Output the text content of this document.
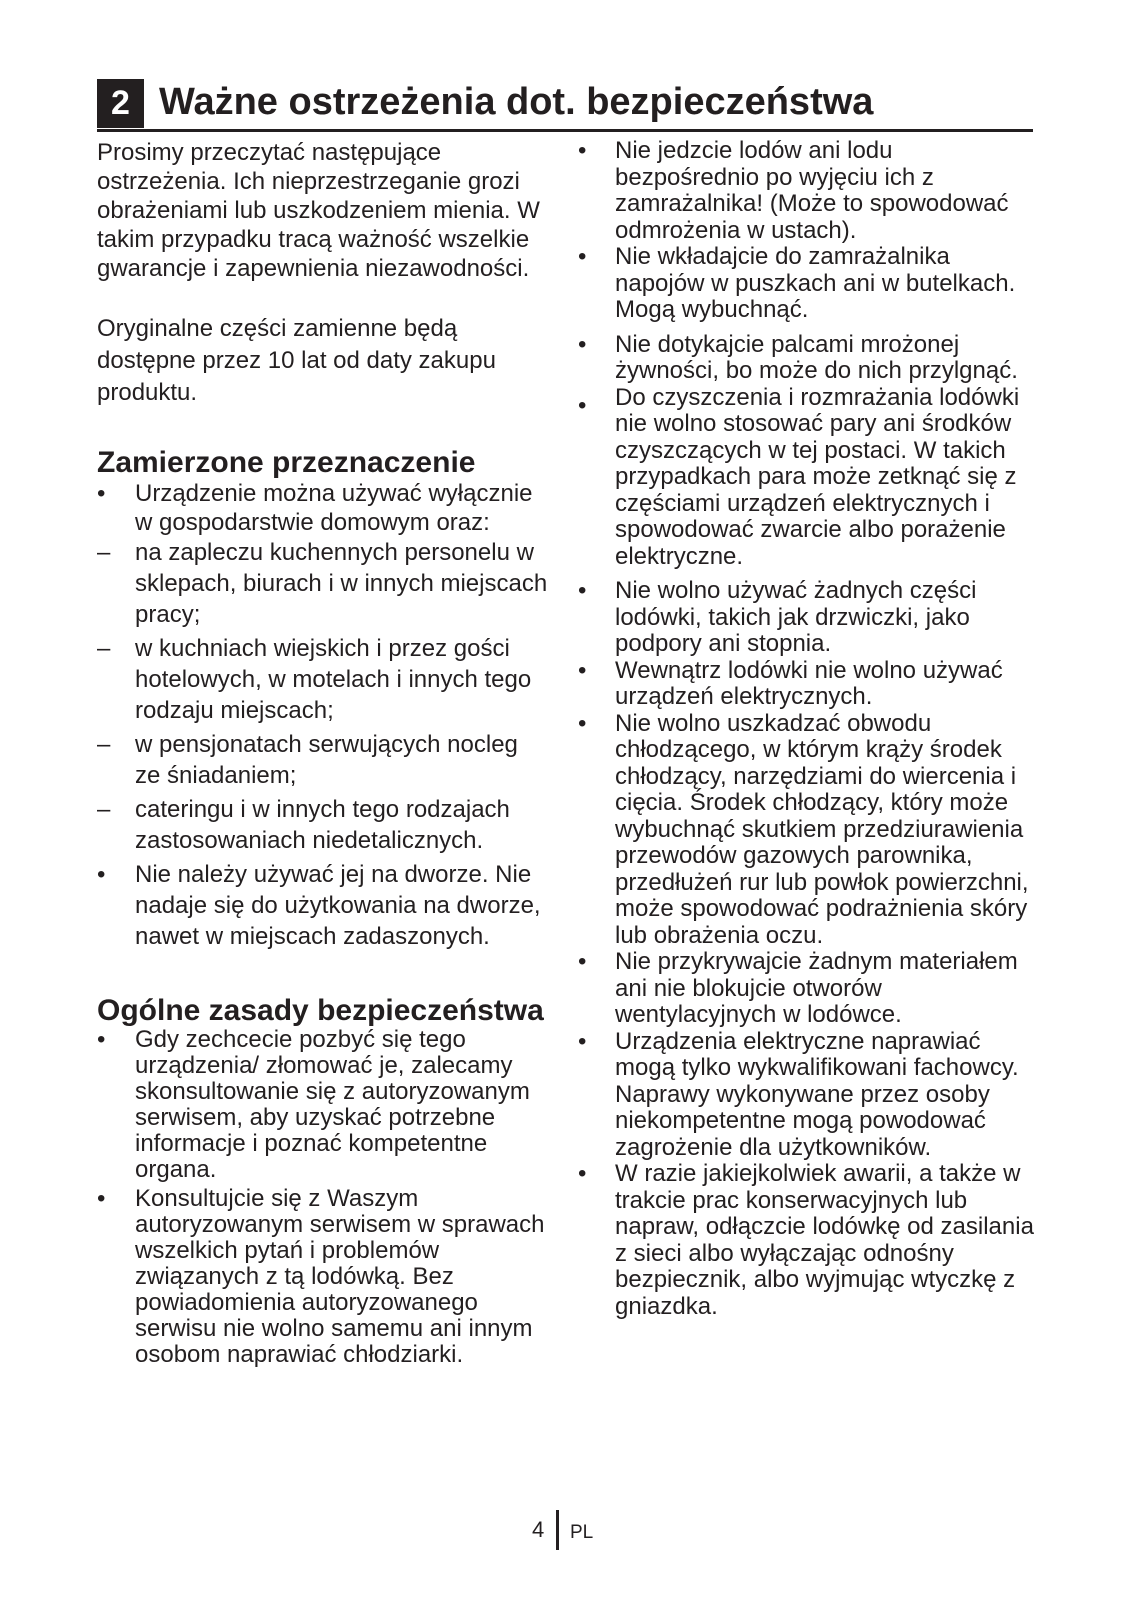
2 Ważne ostrzeżenia dot. bezpieczeństwa

Prosimy przeczytać następujące ostrzeżenia. Ich nieprzestrzeganie grozi obrażeniami lub uszkodzeniem mienia. W takim przypadku tracą ważność wszelkie gwarancje i zapewnienia niezawodności.

Oryginalne części zamienne będą dostępne przez 10 lat od daty zakupu produktu.

Zamierzone przeznaczenie
•	Urządzenie można używać wyłącznie w gospodarstwie domowym oraz:
–	na zapleczu kuchennych personelu w sklepach, biurach i w innych miejscach pracy;
–	w kuchniach wiejskich i przez gości hotelowych, w motelach i innych tego rodzaju miejscach;
–	w pensjonatach serwujących nocleg ze śniadaniem;
–	cateringu i w innych tego rodzajach zastosowaniach niedetalicznych.
•	Nie należy używać jej na dworze. Nie nadaje się do użytkowania na dworze, nawet w miejscach zadaszonych.
Ogólne zasady bezpieczeństwa
•	Gdy zechcecie pozbyć się tego urządzenia/ złomować je, zalecamy skonsultowanie się z autoryzowanym serwisem, aby uzyskać potrzebne informacje i poznać kompetentne organa.
•	Konsultujcie się z Waszym autoryzowanym serwisem w sprawach wszelkich pytań i problemów związanych z tą lodówką. Bez powiadomienia autoryzowanego serwisu nie wolno samemu ani innym osobom naprawiać chłodziarki.
•	Nie jedzcie lodów ani lodu bezpośrednio po wyjęciu ich z zamrażalnika! (Może to spowodować odmrożenia w ustach).
•	Nie wkładajcie do zamrażalnika napojów w puszkach ani w butelkach. Mogą wybuchnąć.
•	Nie dotykajcie palcami mrożonej żywności, bo może do nich przylgnąć.
•	Do czyszczenia i rozmrażania lodówki nie wolno stosować pary ani środków czyszczących w tej postaci. W takich przypadkach para może zetknąć się z częściami urządzeń elektrycznych i spowodować zwarcie albo porażenie elektryczne.
•	Nie wolno używać żadnych części lodówki, takich jak drzwiczki, jako podpory ani stopnia.
•	Wewnątrz lodówki nie wolno używać urządzeń elektrycznych.
•	Nie wolno uszkadzać obwodu chłodzącego, w którym krąży środek chłodzący, narzędziami do wiercenia i cięcia. Środek chłodzący, który może wybuchnąć skutkiem przedziurawienia przewodów gazowych parownika, przedłużeń rur lub powłok powierzchni, może spowodować podrażnienia skóry lub obrażenia oczu.
•	Nie przykrywajcie żadnym materiałem ani nie blokujcie otworów wentylacyjnych w lodówce.
•	Urządzenia elektryczne naprawiać mogą tylko wykwalifikowani fachowcy. Naprawy wykonywane przez osoby niekompetentne mogą powodować zagrożenie dla użytkowników.
•	W razie jakiejkolwiek awarii, a także w trakcie prac konserwacyjnych lub napraw, odłączcie lodówkę od zasilania z sieci albo wyłączając odnośny bezpiecznik, albo wyjmując wtyczkę z gniazdka.
4 PL
